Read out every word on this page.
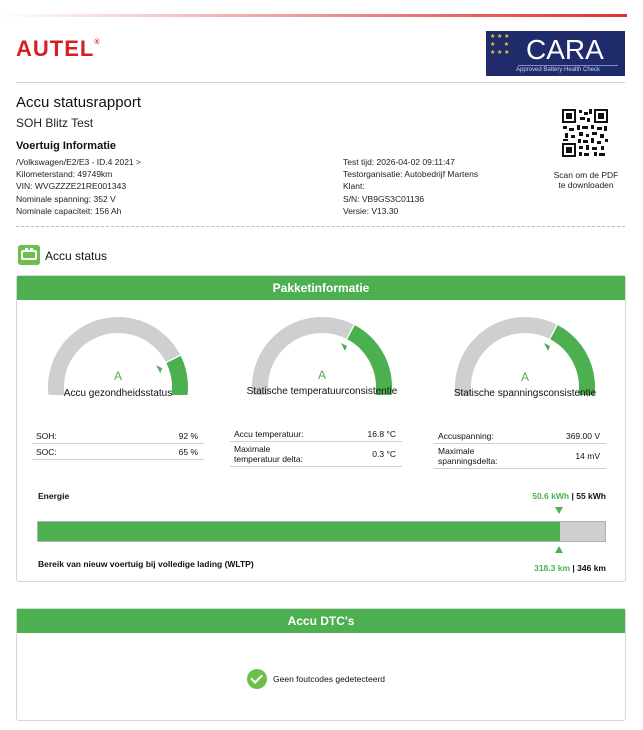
AUTEL®
★ ★ ★
★     ★
★ ★ ★ CARA
Approved Battery Health Check
Accu statusrapport
SOH Blitz Test
Voertuig Informatie
/Volkswagen/E2/E3 - ID.4 2021 >
Kilometerstand: 49749km
VIN: WVGZZZE21RE001343
Nominale spanning: 352 V
Nominale capaciteit: 156 Ah
Test tijd: 2026-04-02 09:11:47
Testorganisatie: Autobedrijf Martens
Klant:
S/N: VB9GS3C01136
Versie: V13.30
Scan om de PDF
te downloaden
Accu status
Pakketinformatie
A
Accu gezondheidsstatus
A
Statische temperatuurconsistentie
A
Statische spanningsconsistentie
SOH:	92 %
SOC:	65 %
Accu temperatuur:	16.8 °C
Maximale
temperatuur delta:	0.3 °C
Accuspanning:	369.00 V
Maximale
spanningsdelta:	14 mV
Energie	50.6 kWh | 55 kWh
Bereik van nieuw voertuig bij volledige lading (WLTP)	318.3 km | 346 km
Accu DTC's
Geen foutcodes gedetecteerd
